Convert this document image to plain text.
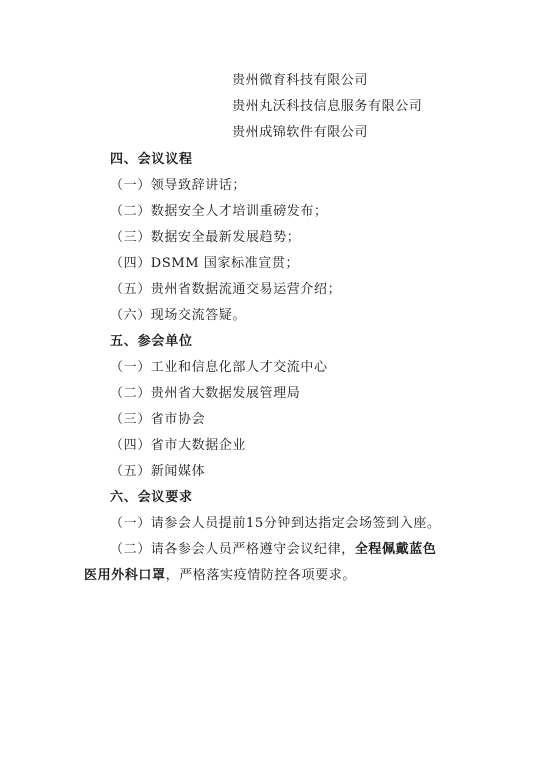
贵州微育科技有限公司
贵州丸沃科技信息服务有限公司
贵州成锦软件有限公司
四、会议议程
（一）领导致辞讲话；
（二）数据安全人才培训重磅发布；
（三）数据安全最新发展趋势；
（四）DSMM 国家标准宣贯；
（五）贵州省数据流通交易运营介绍；
（六）现场交流答疑。
五、参会单位
（一）工业和信息化部人才交流中心
（二）贵州省大数据发展管理局
（三）省市协会
（四）省市大数据企业
（五）新闻媒体
六、会议要求
（一）请参会人员提前15分钟到达指定会场签到入座。
（二）请各参会人员严格遵守会议纪律，全程佩戴蓝色
医用外科口罩，严格落实疫情防控各项要求。
